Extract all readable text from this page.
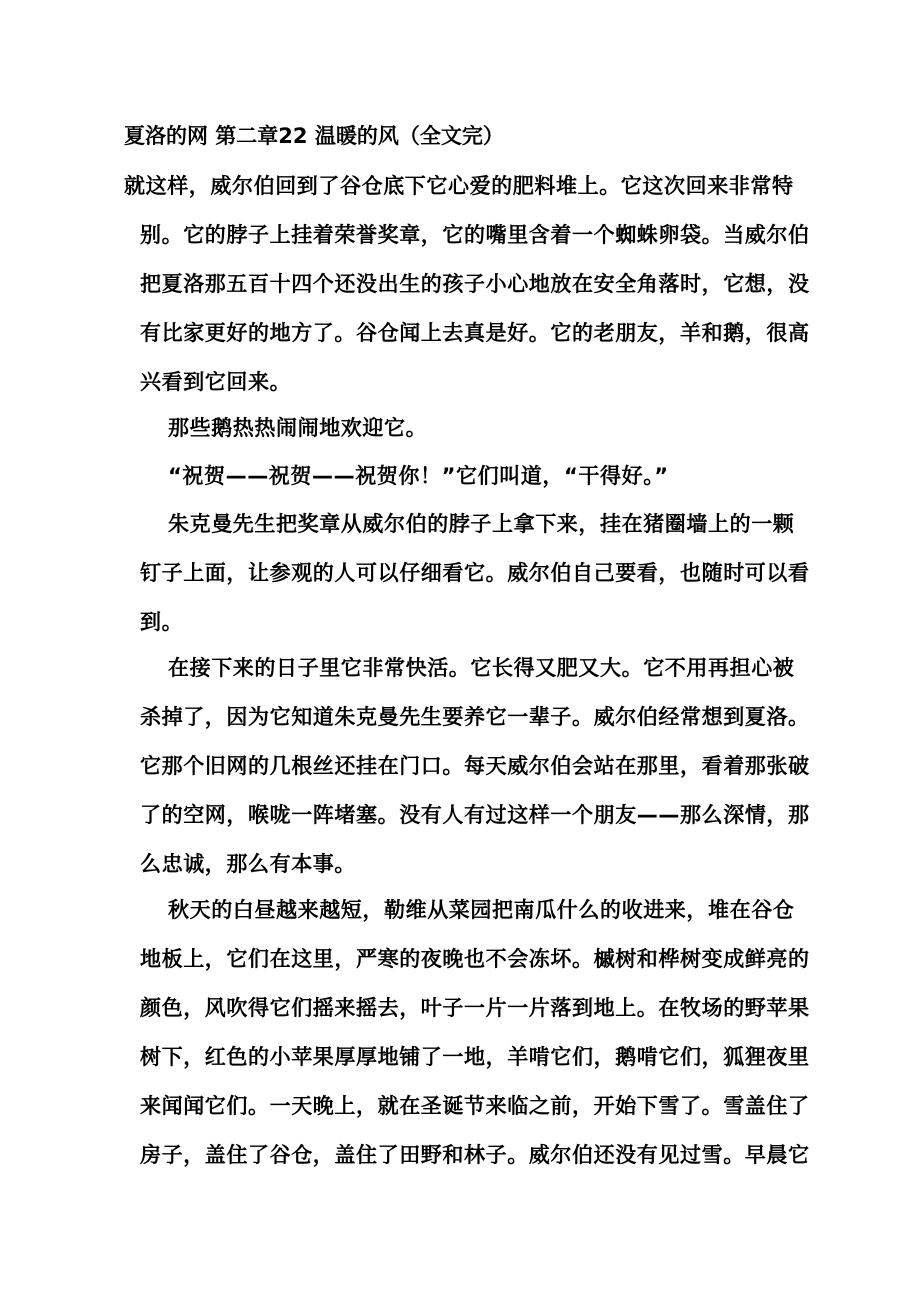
夏洛的网 第二章22 温暖的风（全文完）
就这样，威尔伯回到了谷仓底下它心爱的肥料堆上。它这次回来非常特
别。它的脖子上挂着荣誉奖章，它的嘴里含着一个蜘蛛卵袋。当威尔伯
把夏洛那五百十四个还没出生的孩子小心地放在安全角落时，它想，没
有比家更好的地方了。谷仓闻上去真是好。它的老朋友，羊和鹅，很高
兴看到它回来。
那些鹅热热闹闹地欢迎它。
“祝贺——祝贺——祝贺你！”它们叫道，“干得好。”
朱克曼先生把奖章从威尔伯的脖子上拿下来，挂在猪圈墙上的一颗
钉子上面，让参观的人可以仔细看它。威尔伯自己要看，也随时可以看
到。
在接下来的日子里它非常快活。它长得又肥又大。它不用再担心被
杀掉了，因为它知道朱克曼先生要养它一辈子。威尔伯经常想到夏洛。
它那个旧网的几根丝还挂在门口。每天威尔伯会站在那里，看着那张破
了的空网，喉咙一阵堵塞。没有人有过这样一个朋友——那么深情，那
么忠诚，那么有本事。
秋天的白昼越来越短，勒维从菜园把南瓜什么的收进来，堆在谷仓
地板上，它们在这里，严寒的夜晚也不会冻坏。槭树和桦树变成鲜亮的
颜色，风吹得它们摇来摇去，叶子一片一片落到地上。在牧场的野苹果
树下，红色的小苹果厚厚地铺了一地，羊啃它们，鹅啃它们，狐狸夜里
来闻闻它们。一天晚上，就在圣诞节来临之前，开始下雪了。雪盖住了
房子，盖住了谷仓，盖住了田野和林子。威尔伯还没有见过雪。早晨它
